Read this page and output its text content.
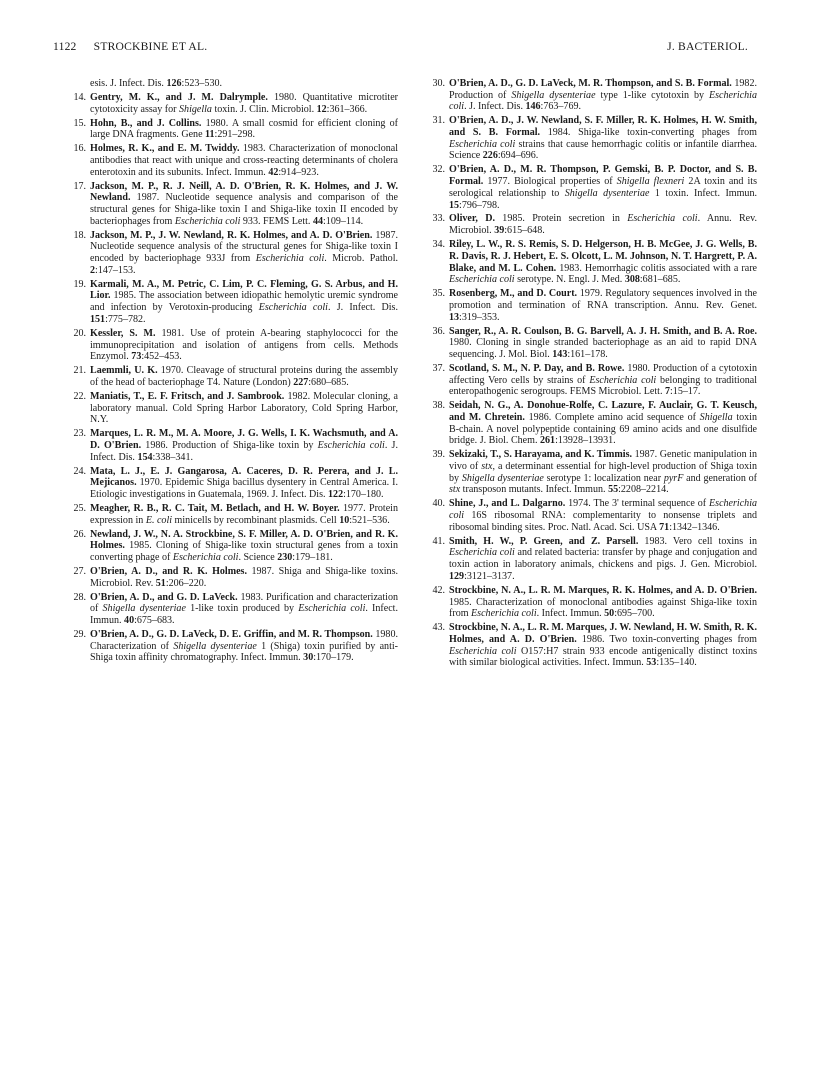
1122 STROCKBINE ET AL.	J. BACTERIOL.
esis. J. Infect. Dis. 126:523–530.
14. Gentry, M. K., and J. M. Dalrymple. 1980. Quantitative microtiter cytotoxicity assay for Shigella toxin. J. Clin. Microbiol. 12:361–366.
15. Hohn, B., and J. Collins. 1980. A small cosmid for efficient cloning of large DNA fragments. Gene 11:291–298.
16. Holmes, R. K., and E. M. Twiddy. 1983. Characterization of monoclonal antibodies that react with unique and cross-reacting determinants of cholera enterotoxin and its subunits. Infect. Immun. 42:914–923.
17. Jackson, M. P., R. J. Neill, A. D. O'Brien, R. K. Holmes, and J. W. Newland. 1987. Nucleotide sequence analysis and comparison of the structural genes for Shiga-like toxin I and Shiga-like toxin II encoded by bacteriophages from Escherichia coli 933. FEMS Lett. 44:109–114.
18. Jackson, M. P., J. W. Newland, R. K. Holmes, and A. D. O'Brien. 1987. Nucleotide sequence analysis of the structural genes for Shiga-like toxin I encoded by bacteriophage 933J from Escherichia coli. Microb. Pathol. 2:147–153.
19. Karmali, M. A., M. Petric, C. Lim, P. C. Fleming, G. S. Arbus, and H. Lior. 1985. The association between idiopathic hemolytic uremic syndrome and infection by Verotoxin-producing Escherichia coli. J. Infect. Dis. 151:775–782.
20. Kessler, S. M. 1981. Use of protein A-bearing staphylococci for the immunoprecipitation and isolation of antigens from cells. Methods Enzymol. 73:452–453.
21. Laemmli, U. K. 1970. Cleavage of structural proteins during the assembly of the head of bacteriophage T4. Nature (London) 227:680–685.
22. Maniatis, T., E. F. Fritsch, and J. Sambrook. 1982. Molecular cloning, a laboratory manual. Cold Spring Harbor Laboratory, Cold Spring Harbor, N.Y.
23. Marques, L. R. M., M. A. Moore, J. G. Wells, I. K. Wachsmuth, and A. D. O'Brien. 1986. Production of Shiga-like toxin by Escherichia coli. J. Infect. Dis. 154:338–341.
24. Mata, L. J., E. J. Gangarosa, A. Caceres, D. R. Perera, and J. L. Mejicanos. 1970. Epidemic Shiga bacillus dysentery in Central America. I. Etiologic investigations in Guatemala, 1969. J. Infect. Dis. 122:170–180.
25. Meagher, R. B., R. C. Tait, M. Betlach, and H. W. Boyer. 1977. Protein expression in E. coli minicells by recombinant plasmids. Cell 10:521–536.
26. Newland, J. W., N. A. Strockbine, S. F. Miller, A. D. O'Brien, and R. K. Holmes. 1985. Cloning of Shiga-like toxin structural genes from a toxin converting phage of Escherichia coli. Science 230:179–181.
27. O'Brien, A. D., and R. K. Holmes. 1987. Shiga and Shiga-like toxins. Microbiol. Rev. 51:206–220.
28. O'Brien, A. D., and G. D. LaVeck. 1983. Purification and characterization of Shigella dysenteriae 1-like toxin produced by Escherichia coli. Infect. Immun. 40:675–683.
29. O'Brien, A. D., G. D. LaVeck, D. E. Griffin, and M. R. Thompson. 1980. Characterization of Shigella dysenteriae 1 (Shiga) toxin purified by anti-Shiga toxin affinity chromatography. Infect. Immun. 30:170–179.
30. O'Brien, A. D., G. D. LaVeck, M. R. Thompson, and S. B. Formal. 1982. Production of Shigella dysenteriae type 1-like cytotoxin by Escherichia coli. J. Infect. Dis. 146:763–769.
31. O'Brien, A. D., J. W. Newland, S. F. Miller, R. K. Holmes, H. W. Smith, and S. B. Formal. 1984. Shiga-like toxin-converting phages from Escherichia coli strains that cause hemorrhagic colitis or infantile diarrhea. Science 226:694–696.
32. O'Brien, A. D., M. R. Thompson, P. Gemski, B. P. Doctor, and S. B. Formal. 1977. Biological properties of Shigella flexneri 2A toxin and its serological relationship to Shigella dysenteriae 1 toxin. Infect. Immun. 15:796–798.
33. Oliver, D. 1985. Protein secretion in Escherichia coli. Annu. Rev. Microbiol. 39:615–648.
34. Riley, L. W., R. S. Remis, S. D. Helgerson, H. B. McGee, J. G. Wells, B. R. Davis, R. J. Hebert, E. S. Olcott, L. M. Johnson, N. T. Hargrett, P. A. Blake, and M. L. Cohen. 1983. Hemorrhagic colitis associated with a rare Escherichia coli serotype. N. Engl. J. Med. 308:681–685.
35. Rosenberg, M., and D. Court. 1979. Regulatory sequences involved in the promotion and termination of RNA transcription. Annu. Rev. Genet. 13:319–353.
36. Sanger, R., A. R. Coulson, B. G. Barvell, A. J. H. Smith, and B. A. Roe. 1980. Cloning in single stranded bacteriophage as an aid to rapid DNA sequencing. J. Mol. Biol. 143:161–178.
37. Scotland, S. M., N. P. Day, and B. Rowe. 1980. Production of a cytotoxin affecting Vero cells by strains of Escherichia coli belonging to traditional enteropathogenic serogroups. FEMS Microbiol. Lett. 7:15–17.
38. Seidah, N. G., A. Donohue-Rolfe, C. Lazure, F. Auclair, G. T. Keusch, and M. Chretein. 1986. Complete amino acid sequence of Shigella toxin B-chain. A novel polypeptide containing 69 amino acids and one disulfide bridge. J. Biol. Chem. 261:13928–13931.
39. Sekizaki, T., S. Harayama, and K. Timmis. 1987. Genetic manipulation in vivo of stx, a determinant essential for high-level production of Shiga toxin by Shigella dysenteriae serotype 1: localization near pyrF and generation of stx transposon mutants. Infect. Immun. 55:2208–2214.
40. Shine, J., and L. Dalgarno. 1974. The 3' terminal sequence of Escherichia coli 16S ribosomal RNA: complementarity to nonsense triplets and ribosomal binding sites. Proc. Natl. Acad. Sci. USA 71:1342–1346.
41. Smith, H. W., P. Green, and Z. Parsell. 1983. Vero cell toxins in Escherichia coli and related bacteria: transfer by phage and conjugation and toxin action in laboratory animals, chickens and pigs. J. Gen. Microbiol. 129:3121–3137.
42. Strockbine, N. A., L. R. M. Marques, R. K. Holmes, and A. D. O'Brien. 1985. Characterization of monoclonal antibodies against Shiga-like toxin from Escherichia coli. Infect. Immun. 50:695–700.
43. Strockbine, N. A., L. R. M. Marques, J. W. Newland, H. W. Smith, R. K. Holmes, and A. D. O'Brien. 1986. Two toxin-converting phages from Escherichia coli O157:H7 strain 933 encode antigenically distinct toxins with similar biological activities. Infect. Immun. 53:135–140.
